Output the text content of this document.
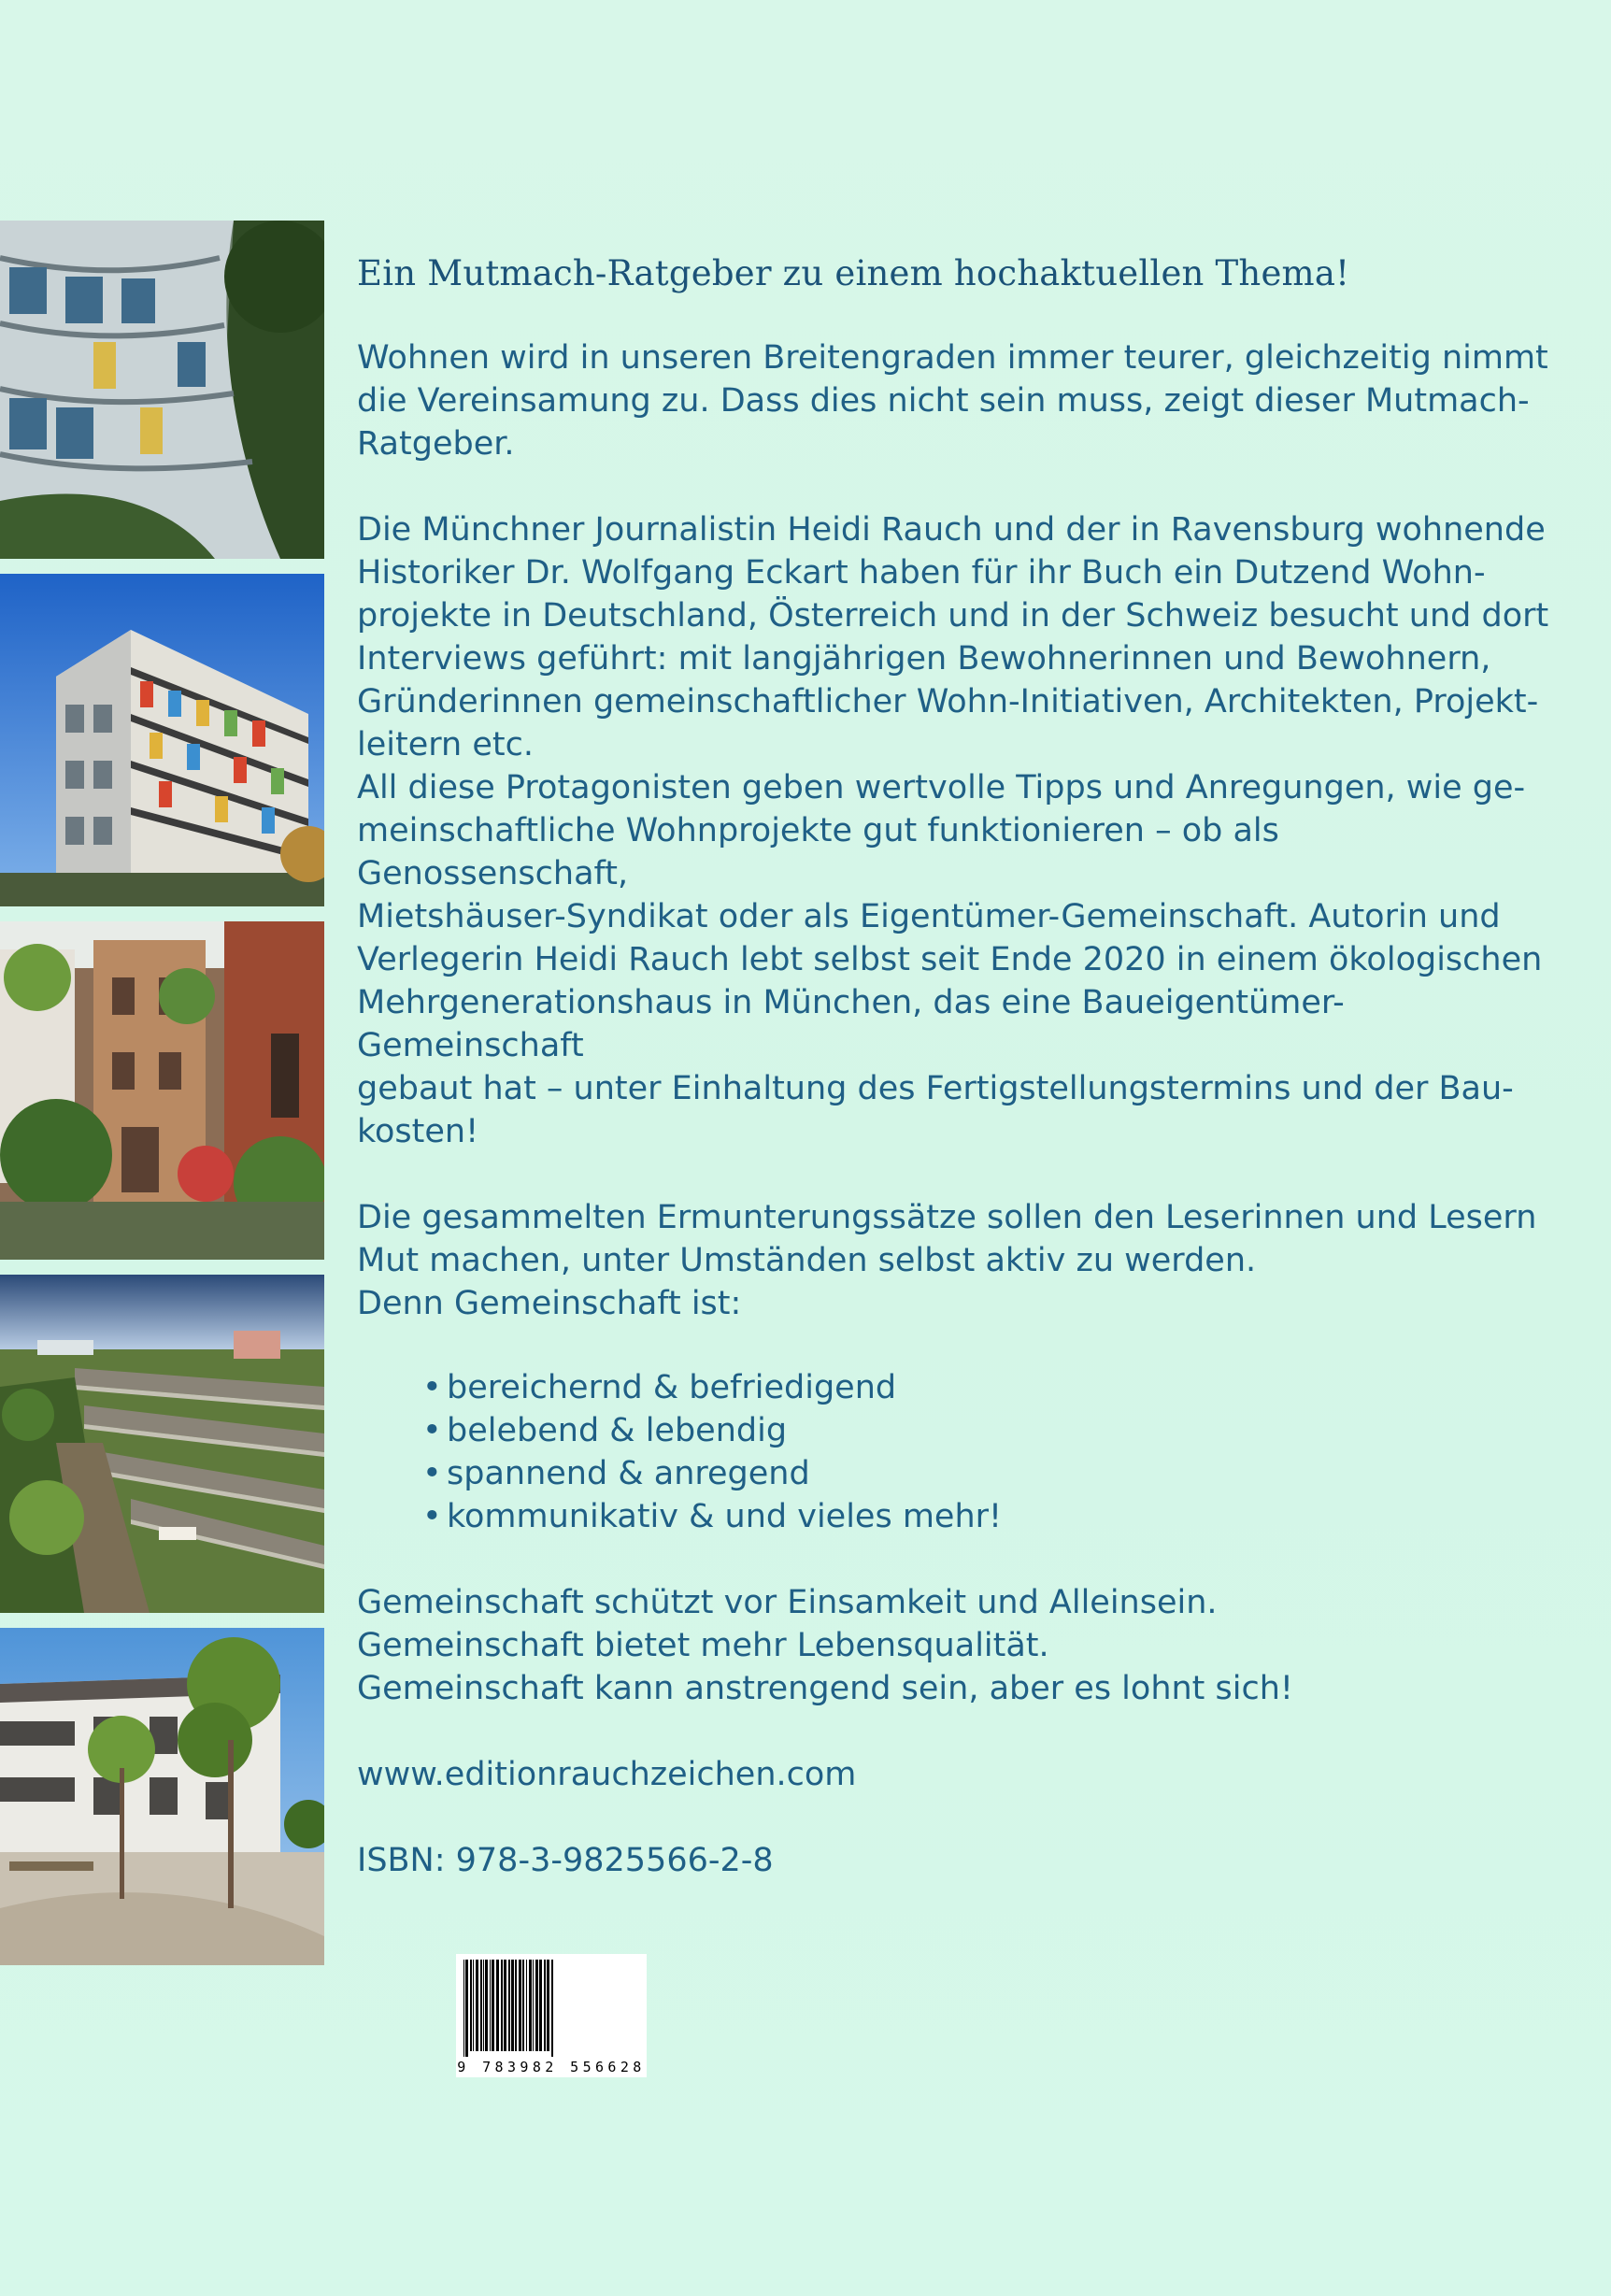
Ein Mutmach-Ratgeber zu einem hochaktuellen Thema!

Wohnen wird in unseren Breitengraden immer teurer, gleichzeitig nimmt
die Vereinsamung zu. Dass dies nicht sein muss, zeigt dieser Mutmach-
Ratgeber.

Die Münchner Journalistin Heidi Rauch und der in Ravensburg wohnende
Historiker Dr. Wolfgang Eckart haben für ihr Buch ein Dutzend Wohn-
projekte in Deutschland, Österreich und in der Schweiz besucht und dort
Interviews geführt: mit langjährigen Bewohnerinnen und Bewohnern,
Gründerinnen gemeinschaftlicher Wohn-Initiativen, Architekten, Projekt-
leitern etc.

All diese Protagonisten geben wertvolle Tipps und Anregungen, wie ge-
meinschaftliche Wohnprojekte gut funktionieren – ob als Genossenschaft,
Mietshäuser-Syndikat oder als Eigentümer-Gemeinschaft. Autorin und
Verlegerin Heidi Rauch lebt selbst seit Ende 2020 in einem ökologischen
Mehrgenerationshaus in München, das eine Baueigentümer-Gemeinschaft
gebaut hat – unter Einhaltung des Fertigstellungstermins und der Bau-
kosten!

Die gesammelten Ermunterungssätze sollen den Leserinnen und Lesern
Mut machen, unter Umständen selbst aktiv zu werden.
Denn Gemeinschaft ist:

• bereichernd & befriedigend
• belebend & lebendig
• spannend & anregend
• kommunikativ & und vieles mehr!

Gemeinschaft schützt vor Einsamkeit und Alleinsein.
Gemeinschaft bietet mehr Lebensqualität.
Gemeinschaft kann anstrengend sein, aber es lohnt sich!

www.editionrauchzeichen.com

ISBN: 978-3-9825566-2-8

9 783982 556628
